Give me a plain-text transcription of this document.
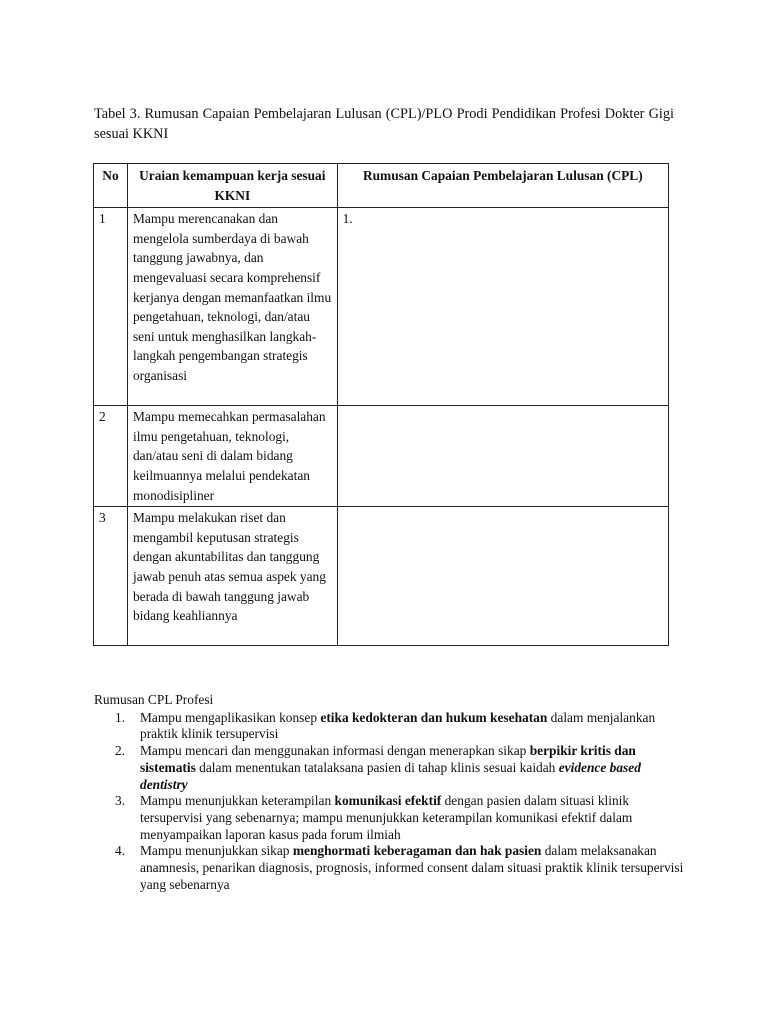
Tabel 3. Rumusan Capaian Pembelajaran Lulusan (CPL)/PLO Prodi Pendidikan Profesi Dokter Gigi sesuai KKNI
No	Uraian kemampuan kerja sesuai KKNI	Rumusan Capaian Pembelajaran Lulusan (CPL)
1	Mampu merencanakan dan mengelola sumberdaya di bawah tanggung jawabnya, dan mengevaluasi secara komprehensif kerjanya dengan memanfaatkan ilmu pengetahuan, teknologi, dan/atau seni untuk menghasilkan langkah-langkah pengembangan strategis organisasi	1.
2	Mampu memecahkan permasalahan ilmu pengetahuan, teknologi, dan/atau seni di dalam bidang keilmuannya melalui pendekatan monodisipliner	
3	Mampu melakukan riset dan mengambil keputusan strategis dengan akuntabilitas dan tanggung jawab penuh atas semua aspek yang berada di bawah tanggung jawab bidang keahliannya	
Rumusan CPL Profesi
1. Mampu mengaplikasikan konsep etika kedokteran dan hukum kesehatan dalam menjalankan praktik klinik tersupervisi
2. Mampu mencari dan menggunakan informasi dengan menerapkan sikap berpikir kritis dan sistematis dalam menentukan tatalaksana pasien di tahap klinis sesuai kaidah evidence based dentistry
3. Mampu menunjukkan keterampilan komunikasi efektif dengan pasien dalam situasi klinik tersupervisi yang sebenarnya; mampu menunjukkan keterampilan komunikasi efektif dalam menyampaikan laporan kasus pada forum ilmiah
4. Mampu menunjukkan sikap menghormati keberagaman dan hak pasien dalam melaksanakan anamnesis, penarikan diagnosis, prognosis, informed consent dalam situasi praktik klinik tersupervisi yang sebenarnya
